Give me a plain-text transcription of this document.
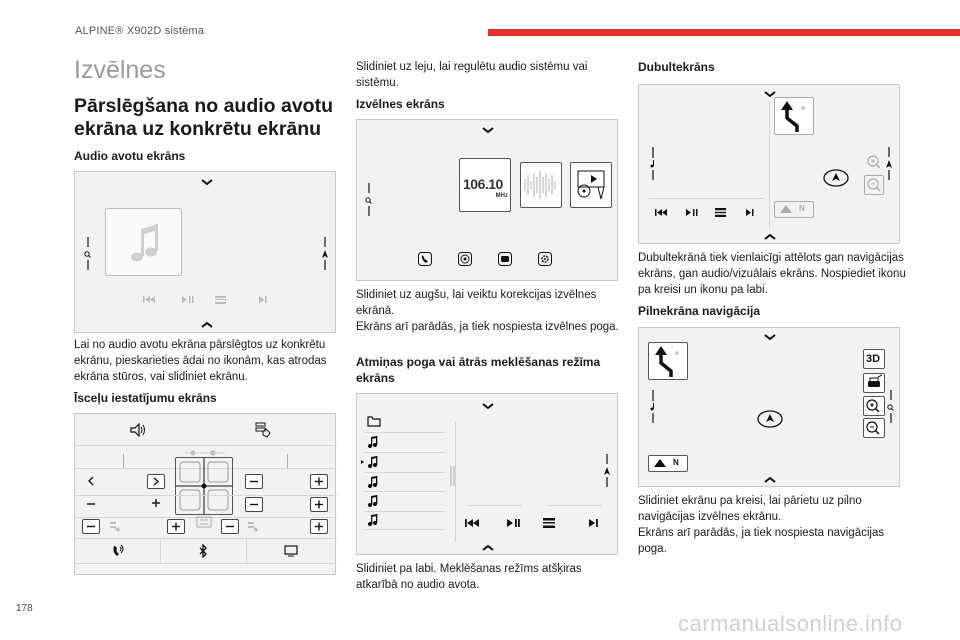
ALPINE® X902D sistēma
Izvēlnes
Pārslēgšana no audio avotu ekrāna uz konkrētu ekrānu
Audio avotu ekrāns
Lai no audio avotu ekrāna pārslēgtos uz konkrētu ekrānu, pieskarieties ādai no ikonām, kas atrodas ekrāna stūros, vai slidiniet ekrānu.
Īsceļu iestatījumu ekrāns
Slidiniet uz leju, lai regulētu audio sistēmu vai sistēmu.
Izvēlnes ekrāns
106.10
MHz
Slidiniet uz augšu, lai veiktu korekcijas izvēlnes ekrānā.
Ekrāns arī parādās, ja tiek nospiesta izvēlnes poga.
Atmiņas poga vai ātrās meklēšanas režīma ekrāns
Slidiniet pa labi. Meklēšanas režīms atšķiras atkarībā no audio avota.
Dubultekrāns
N
Dubultekrānā tiek vienlaicīgi attēlots gan navigācijas ekrāns, gan audio/vizuālais ekrāns. Nospiediet ikonu pa kreisi un ikonu pa labi.
Pilnekrāna navigācija
3D
N
Slidiniet ekrānu pa kreisi, lai pārietu uz pilno navigācijas izvēlnes ekrānu.
Ekrāns arī parādās, ja tiek nospiesta navigācijas poga.
178
carmanualsonline.info
